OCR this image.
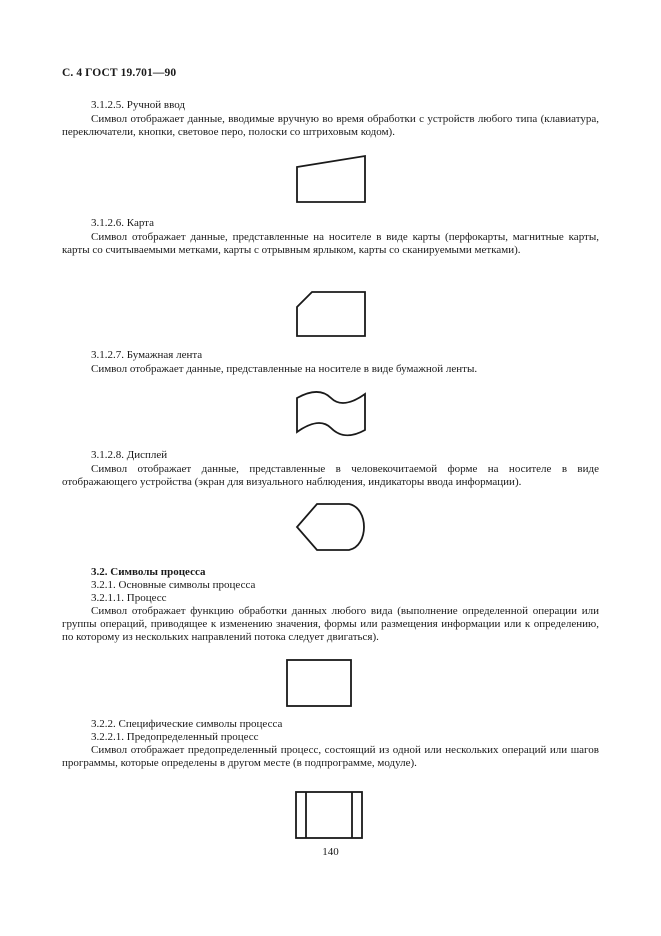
С. 4 ГОСТ 19.701—90
3.1.2.5. Ручной ввод
Символ отображает данные, вводимые вручную во время обработки с устройств любого типа (клавиатура, переключатели, кнопки, световое перо, полоски со штриховым кодом).
3.1.2.6. Карта
Символ отображает данные, представленные на носителе в виде карты (перфокарты, магнитные карты, карты со считываемыми метками, карты с отрывным ярлыком, карты со сканируемыми метками).
3.1.2.7. Бумажная лента
Символ отображает данные, представленные на носителе в виде бумажной ленты.
3.1.2.8. Дисплей
Символ отображает данные, представленные в человекочитаемой форме на носителе в виде отображающего устройства (экран для визуального наблюдения, индикаторы ввода информации).
3.2. Символы процесса
3.2.1. Основные символы процесса
3.2.1.1. Процесс
Символ отображает функцию обработки данных любого вида (выполнение определенной операции или группы операций, приводящее к изменению значения, формы или размещения информации или к определению, по которому из нескольких направлений потока следует двигаться).
3.2.2. Специфические символы процесса
3.2.2.1. Предопределенный процесс
Символ отображает предопределенный процесс, состоящий из одной или нескольких операций или шагов программы, которые определены в другом месте (в подпрограмме, модуле).
140
